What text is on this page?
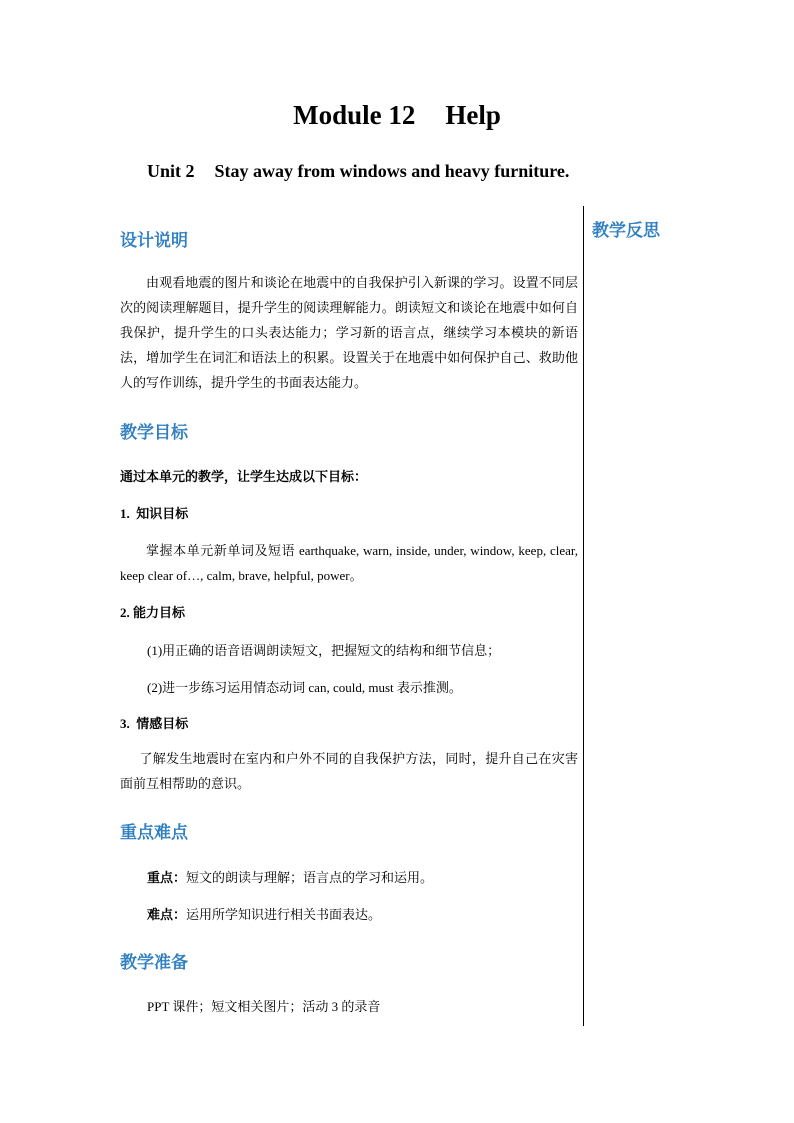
Module 12 Help
Unit 2 Stay away from windows and heavy furniture.
教学反思
设计说明

由观看地震的图片和谈论在地震中的自我保护引入新课的学习。设置不同层次的阅读理解题目，提升学生的阅读理解能力。朗读短文和谈论在地震中如何自我保护，提升学生的口头表达能力；学习新的语言点，继续学习本模块的新语法，增加学生在词汇和语法上的积累。设置关于在地震中如何保护自己、救助他人的写作训练，提升学生的书面表达能力。

教学目标

通过本单元的教学，让学生达成以下目标：

1. 知识目标

掌握本单元新单词及短语 earthquake, warn, inside, under, window, keep, clear, keep clear of…, calm, brave, helpful, power。

2. 能力目标

(1)用正确的语音语调朗读短文，把握短文的结构和细节信息；

(2)进一步练习运用情态动词 can, could, must 表示推测。

3. 情感目标

了解发生地震时在室内和户外不同的自我保护方法，同时，提升自己在灾害面前互相帮助的意识。

重点难点

重点：短文的朗读与理解；语言点的学习和运用。

难点：运用所学知识进行相关书面表达。

教学准备

PPT 课件；短文相关图片；活动 3 的录音
